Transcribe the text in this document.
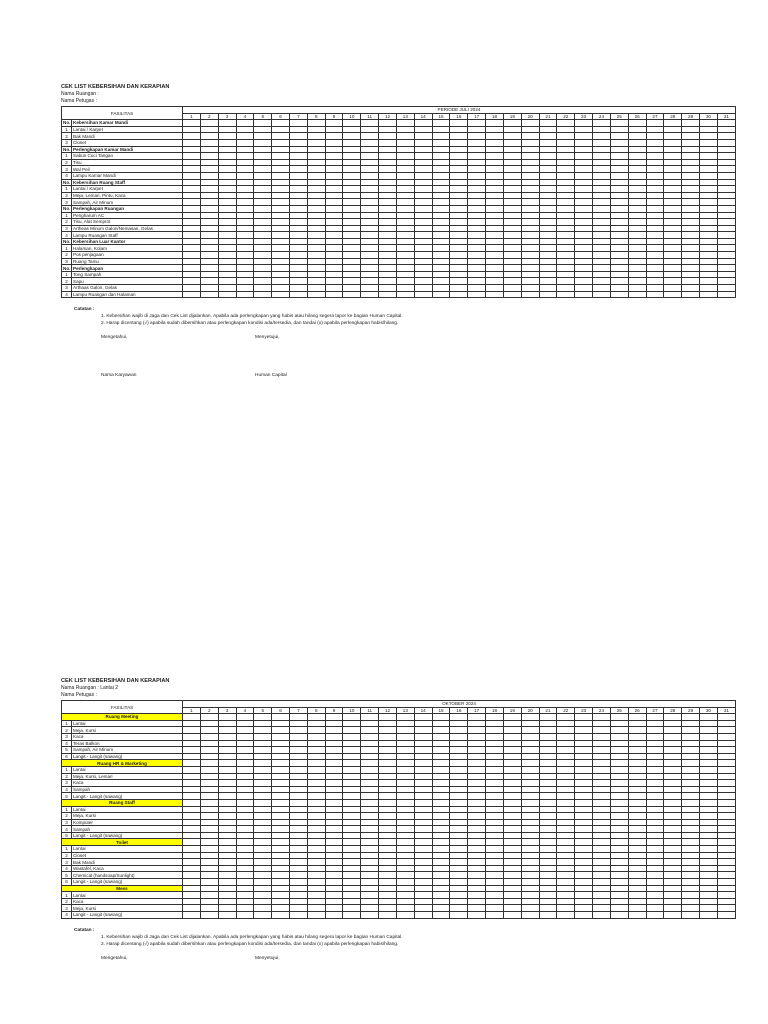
CEK LIST KEBERSIHAN DAN KERAPIAN
Nama Ruangan :
Nama Petugas :
FASILITAS		PERIODE JULI 2024																														
		1	2	3	4	5	6	7	8	9	10	11	12	13	14	15	16	17	18	19	20	21	22	23	24	25	26	27	28	29	30	31
No.	Kebersihan Kamar Mandi																															
1	Lantai / Karpet																															
2	Bak Mandi																															
3	Closet																															
No.	Perlengkapan Kamar Mandi																															
1	Sabun Cuci Tangan																															
2	Tisu																															
3	Wal Peil																															
4	Lampu Kamar Mandi																															
No.	Kebersihan Ruang Staff																															
1	Lantai / Karpet																															
2	Meja, Lemari, Pintu, Kaca																															
3	Sampah, Air Minum																															
No.	Perlengkapan Ruangan																															
1	Pengharum AC																															
2	Tisu, Alat Semprot																															
3	Artheas Minum Galon/Nemasan, Gelas																															
4	Lampu Ruangan Staff																															
No.	Kebersihan Luar Kantor																															
1	Halaman, Kolam																															
2	Pos penjagaan																															
3	Ruang Tamu																															
No.	Perlengkapan																															
1	Tong Sampah																															
2	Sapu																															
3	Arthaas Galon, Gelas																															
4	Lampu Ruangan dan Halaman																															
Catatan :
1. Kebersihan wajib di Jaga dan Cek List dijalankan. Apabila ada perlengkapan yang habis atau hilang segera lapor ke bagian Human Capital.
2. Harap dicentang (√) apabila sudah dibersihkan atau perlengkapan kondisi ada/tersedia, dan tandai (x) apabila perlengkapan habis/hilang.
Mengetahui,	Menyetujui,
Nama Karyawan	Human Capital
CEK LIST KEBERSIHAN DAN KERAPIAN
Nama Ruangan : Lantai 2
Nama Petugas :
FASILITAS		OKTOBER 2024																														
		1	2	3	4	5	6	7	8	9	10	11	12	13	14	15	16	17	18	19	20	21	22	23	24	25	26	27	28	29	30	31
Ruang Meeting																																
1	Lantai																															
2	Meja, Kursi																															
3	Kaca																															
4	Teras Balkon																															
5	Sampah, Air Minum																															
6	Langit - Langit (sawang)																															
Ruang HR & Marketing																																
1	Lantai																															
2	Meja, Kursi, Lemari																															
3	Kaca																															
4	Sampah																															
5	Langit - Langit (sawang)																															
Ruang Staff																																
1	Lantai																															
2	Meja, Kursi																															
3	Komputer																															
4	Sampah																															
5	Langit - Langit (sawang)																															
Toilet																																
1	Lantai																															
2	Closet																															
3	Bak Mandi																															
4	Wastafel, Kaca																															
5	Chemical (handsoap/Sunlight)																															
6	Langit - Langit (sawang)																															
Mess																																
1	Lantai																															
2	Kaca																															
3	Meja, Kursi																															
4	Langit - Langit (sawang)																															
Catatan :
1. Kebersihan wajib di Jaga dan Cek List dijalankan. Apabila ada perlengkapan yang habis atau hilang segera lapor ke bagian Human Capital.
2. Harap dicentang (√) apabila sudah dibersihkan atau perlengkapan kondisi ada/tersedia, dan tandai (x) apabila perlengkapan habis/hilang.
Mengetahui,	Menyetujui,
